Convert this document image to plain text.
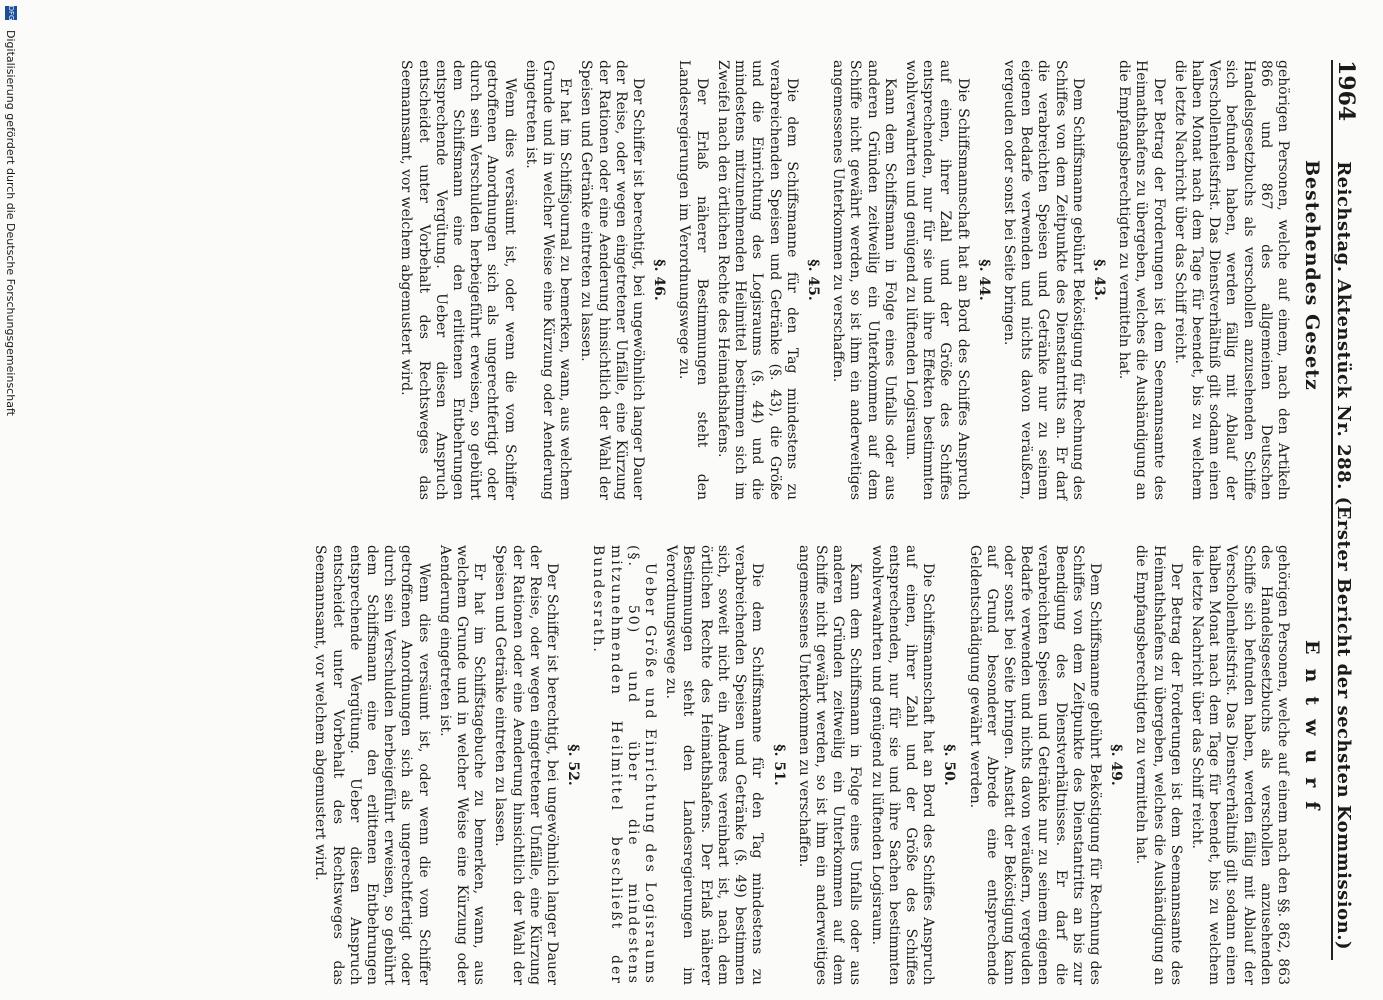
1964
Reichstag. Aktenstück Nr. 288. (Erster Bericht der sechsten Kommission.)
Bestehendes Gesetz
Entwurf
gehörigen Personen, welche auf einem, nach den Artikeln 866 und 867 des allgemeinen Deutschen Handelsgesetzbuchs als verschollen anzusehenden Schiffe sich befunden haben, werden fällig mit Ablauf der Verschollenheitsfrist. Das Dienstverhältniß gilt sodann einen halben Monat nach dem Tage für beendet, bis zu welchem die letzte Nachricht über das Schiff reicht.
Der Betrag der Forderungen ist dem Seemannsamte des Heimathshafens zu übergeben, welches die Aushändigung an die Empfangsberechtigten zu vermitteln hat.
§. 43.
Dem Schiffsmanne gebührt Beköstigung für Rechnung des Schiffes von dem Zeitpunkte des Dienstantritts an. Er darf die verabreichten Speisen und Getränke nur zu seinem eigenen Bedarfe verwenden und nichts davon veräußern, vergeuden oder sonst bei Seite bringen.
§. 44.
Die Schiffsmannschaft hat an Bord des Schiffes Anspruch auf einen, ihrer Zahl und der Größe des Schiffes entsprechenden, nur für sie und ihre Effekten bestimmten wohlverwahrten und genügend zu lüftenden Logisraum.
Kann dem Schiffsmann in Folge eines Unfalls oder aus anderen Gründen zeitweilig ein Unterkommen auf dem Schiffe nicht gewährt werden, so ist ihm ein anderweitiges angemessenes Unterkommen zu verschaffen.
§. 45.
Die dem Schiffsmanne für den Tag mindestens zu verabreichenden Speisen und Getränke (§. 43), die Größe und die Einrichtung des Logisraums (§. 44) und die mindestens mitzunehmenden Heilmittel bestimmen sich im Zweifel nach den örtlichen Rechte des Heimathshafens.
Der Erlaß näherer Bestimmungen steht den Landesregierungen im Verordnungswege zu.
§. 46.
Der Schiffer ist berechtigt, bei ungewöhnlich langer Dauer der Reise, oder wegen eingetretener Unfälle, eine Kürzung der Rationen oder eine Aenderung hinsichtlich der Wahl der Speisen und Getränke eintreten zu lassen.
Er hat im Schiffsjournal zu bemerken, wann, aus welchem Grunde und in welcher Weise eine Kürzung oder Aenderung eingetreten ist.
Wenn dies versäumt ist, oder wenn die vom Schiffer getroffenen Anordnungen sich als ungerechtfertigt oder durch sein Verschulden herbeigeführt erweisen, so gebührt dem Schiffsmann eine den erlittenen Entbehrungen entsprechende Vergütung. Ueber diesen Anspruch entscheidet unter Vorbehalt des Rechtsweges das Seemannsamt, vor welchem abgemustert wird.
gehörigen Personen, welche auf einem nach den §§. 862, 863 des Handelsgesetzbuchs als verschollen anzusehenden Schiffe sich befunden haben, werden fällig mit Ablauf der Verschollenheitsfrist. Das Dienstverhältniß gilt sodann einen halben Monat nach dem Tage für beendet, bis zu welchem die letzte Nachricht über das Schiff reicht.
Der Betrag der Forderungen ist dem Seemannsamte des Heimathshafens zu übergeben, welches die Aushändigung an die Empfangsberechtigten zu vermitteln hat.
§. 49.
Dem Schiffsmanne gebührt Beköstigung für Rechnung des Schiffes von dem Zeitpunkte des Dienstantritts an bis zur Beendigung des Dienstverhältnisses. Er darf die verabreichten Speisen und Getränke nur zu seinem eigenen Bedarfe verwenden und nichts davon veräußern, vergeuden oder sonst bei Seite bringen. Anstatt der Beköstigung kann auf Grund besonderer Abrede eine entsprechende Geldentschädigung gewährt werden.
§. 50.
Die Schiffsmannschaft hat an Bord des Schiffes Anspruch auf einen, ihrer Zahl und der Größe des Schiffes entsprechenden, nur für sie und ihre Sachen bestimmten wohlverwahrten und genügend zu lüftenden Logisraum.
Kann dem Schiffsmann in Folge eines Unfalls oder aus anderen Gründen zeitweilig ein Unterkommen auf dem Schiffe nicht gewährt werden, so ist ihm ein anderweitiges angemessenes Unterkommen zu verschaffen.
§. 51.
Die dem Schiffsmanne für den Tag mindestens zu verabreichenden Speisen und Getränke (§. 49) bestimmen sich, soweit nicht ein Anderes vereinbart ist, nach dem örtlichen Rechte des Heimathshafens. Der Erlaß näherer Bestimmungen steht den Landesregierungen im Verordnungswege zu.
Ueber Größe und Einrichtung des Logisraums (§. 50) und über die mindestens mitzunehmenden Heilmittel beschließt der Bundesrath.
§. 52.
Der Schiffer ist berechtigt, bei ungewöhnlich langer Dauer der Reise, oder wegen eingetretener Unfälle, eine Kürzung der Rationen oder eine Aenderung hinsichtlich der Wahl der Speisen und Getränke eintreten zu lassen.
Er hat im Schiffstagebuche zu bemerken, wann, aus welchem Grunde und in welcher Weise eine Kürzung oder Aenderung eingetreten ist.
Wenn dies versäumt ist, oder wenn die vom Schiffer getroffenen Anordnungen sich als ungerechtfertigt oder durch sein Verschulden herbeigeführt erweisen, so gebührt dem Schiffsmann eine den erlittenen Entbehrungen entsprechende Vergütung. Ueber diesen Anspruch entscheidet unter Vorbehalt des Rechtsweges das Seemannsamt, vor welchem abgemustert wird.
DFG
Digitalisierung gefördert durch die Deutsche Forschungsgemeinschaft
